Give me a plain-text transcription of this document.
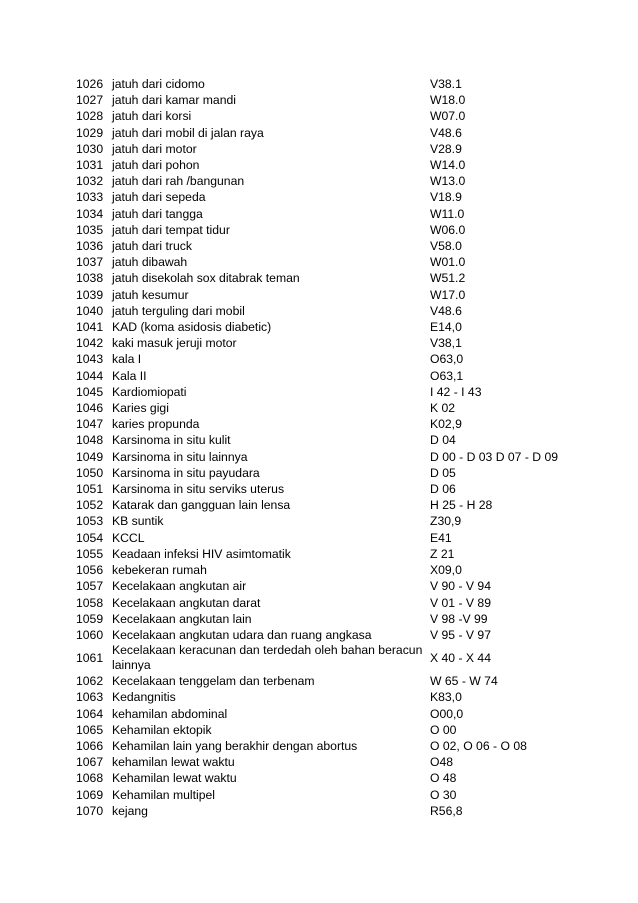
1026	jatuh dari cidomo	V38.1
1027	jatuh dari kamar mandi	W18.0
1028	jatuh dari korsi	W07.0
1029	jatuh dari mobil di jalan raya	V48.6
1030	jatuh dari motor	V28.9
1031	jatuh dari pohon	W14.0
1032	jatuh dari rah /bangunan	W13.0
1033	jatuh dari sepeda	V18.9
1034	jatuh dari tangga	W11.0
1035	jatuh dari tempat tidur	W06.0
1036	jatuh dari truck	V58.0
1037	jatuh dibawah	W01.0
1038	jatuh disekolah sox ditabrak teman	W51.2
1039	jatuh kesumur	W17.0
1040	jatuh terguling dari mobil	V48.6
1041	KAD (koma asidosis diabetic)	E14,0
1042	kaki masuk jeruji motor	V38,1
1043	kala I	O63,0
1044	Kala II	O63,1
1045	Kardiomiopati	I 42 - I 43
1046	Karies gigi	K 02
1047	karies propunda	K02,9
1048	Karsinoma in situ kulit	D 04
1049	Karsinoma in situ lainnya	D 00 - D 03 D 07 - D 09
1050	Karsinoma in situ payudara	D 05
1051	Karsinoma in situ serviks uterus	D 06
1052	Katarak dan gangguan lain lensa	H 25 - H 28
1053	KB suntik	Z30,9
1054	KCCL	E41
1055	Keadaan infeksi HIV asimtomatik	Z 21
1056	kebekeran rumah	X09,0
1057	Kecelakaan angkutan air	V 90 - V 94
1058	Kecelakaan angkutan darat	V 01 - V 89
1059	Kecelakaan angkutan lain	V 98 -V 99
1060	Kecelakaan angkutan udara dan ruang angkasa	V 95 - V 97
1061	Kecelakaan keracunan dan terdedah oleh bahan beracun lainnya	X 40 - X 44
1062	Kecelakaan tenggelam dan terbenam	W 65 - W 74
1063	Kedangnitis	K83,0
1064	kehamilan abdominal	O00,0
1065	Kehamilan ektopik	O 00
1066	Kehamilan lain yang berakhir dengan abortus	O 02, O 06 - O 08
1067	kehamilan lewat waktu	O48
1068	Kehamilan lewat waktu	O 48
1069	Kehamilan multipel	O 30
1070	kejang	R56,8
